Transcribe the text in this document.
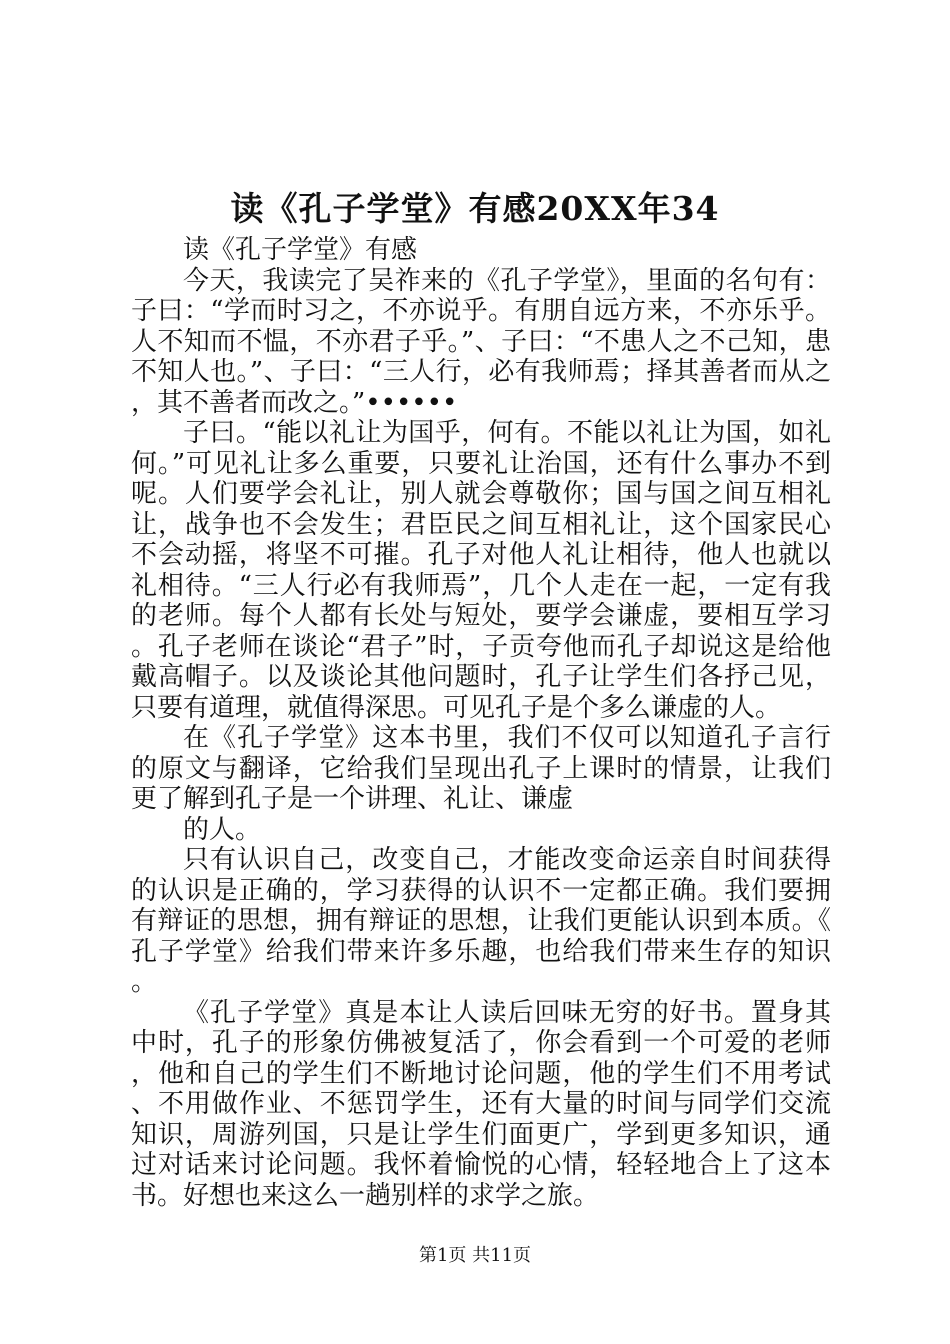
读《孔子学堂》有感20XX年34

读《孔子学堂》有感

今天，我读完了吴祚来的《孔子学堂》，里面的名句有：子曰：“学而时习之，不亦说乎。有朋自远方来，不亦乐乎。人不知而不愠，不亦君子乎。”、子曰：“不患人之不己知，患不知人也。”、子曰：“三人行，必有我师焉；择其善者而从之，其不善者而改之。”••••••

子曰。“能以礼让为国乎，何有。不能以礼让为国，如礼何。”可见礼让多么重要，只要礼让治国，还有什么事办不到呢。人们要学会礼让，别人就会尊敬你；国与国之间互相礼让，战争也不会发生；君臣民之间互相礼让，这个国家民心不会动摇，将坚不可摧。孔子对他人礼让相待，他人也就以礼相待。“三人行必有我师焉”，几个人走在一起，一定有我的老师。每个人都有长处与短处，要学会谦虚，要相互学习。孔子老师在谈论“君子”时，子贡夸他而孔子却说这是给他戴高帽子。以及谈论其他问题时，孔子让学生们各抒己见，只要有道理，就值得深思。可见孔子是个多么谦虚的人。

在《孔子学堂》这本书里，我们不仅可以知道孔子言行的原文与翻译，它给我们呈现出孔子上课时的情景，让我们更了解到孔子是一个讲理、礼让、谦虚

的人。

只有认识自己，改变自己，才能改变命运亲自时间获得的认识是正确的，学习获得的认识不一定都正确。我们要拥有辩证的思想，拥有辩证的思想，让我们更能认识到本质。《孔子学堂》给我们带来许多乐趣，也给我们带来生存的知识。

《孔子学堂》真是本让人读后回味无穷的好书。置身其中时，孔子的形象仿佛被复活了，你会看到一个可爱的老师，他和自己的学生们不断地讨论问题，他的学生们不用考试、不用做作业、不惩罚学生，还有大量的时间与同学们交流知识，周游列国，只是让学生们面更广，学到更多知识，通过对话来讨论问题。我怀着愉悦的心情，轻轻地合上了这本书。好想也来这么一趟别样的求学之旅。

第1页 共11页
